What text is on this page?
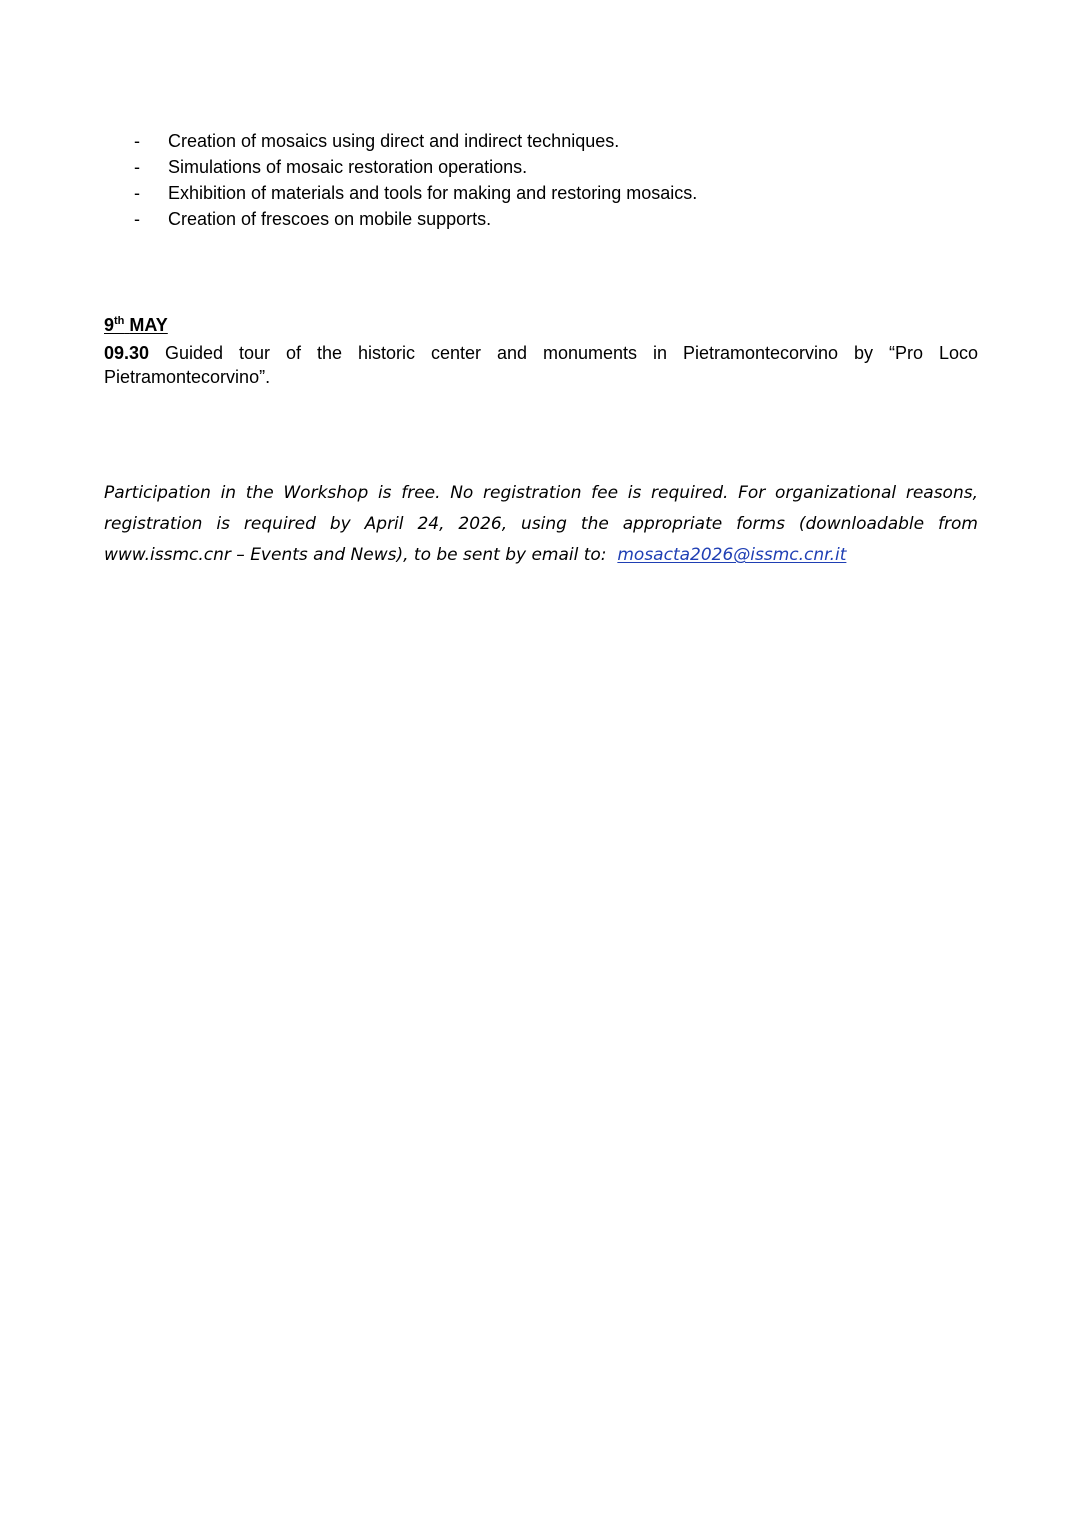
-	Creation of mosaics using direct and indirect techniques.
-	Simulations of mosaic restoration operations.
-	Exhibition of materials and tools for making and restoring mosaics.
-	Creation of frescoes on mobile supports.
9th MAY

09.30 Guided tour of the historic center and monuments in Pietramontecorvino by “Pro Loco Pietramontecorvino”.

Participation in the Workshop is free. No registration fee is required. For organizational reasons, registration is required by April 24, 2026, using the appropriate forms (downloadable from www.issmc.cnr – Events and News), to be sent by email to: mosacta2026@issmc.cnr.it
